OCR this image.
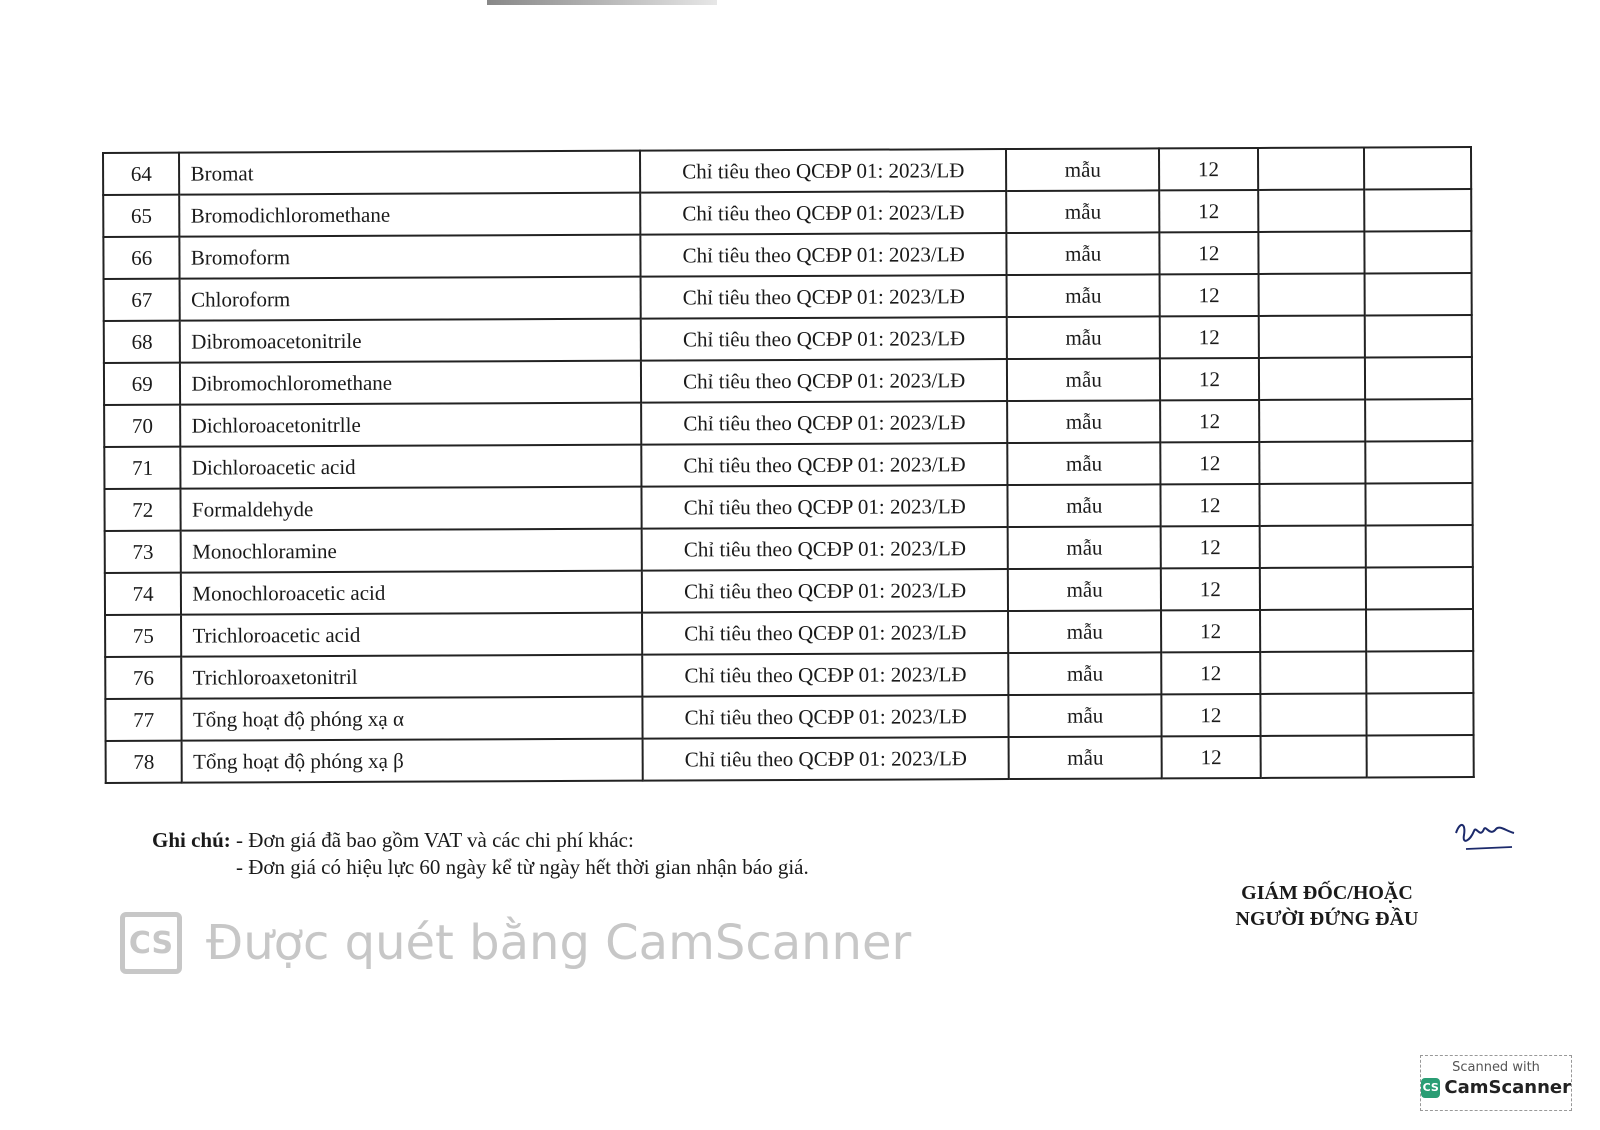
64	Bromat	Chỉ tiêu theo QCĐP 01: 2023/LĐ	mẫu	12		
65	Bromodichloromethane	Chỉ tiêu theo QCĐP 01: 2023/LĐ	mẫu	12		
66	Bromoform	Chỉ tiêu theo QCĐP 01: 2023/LĐ	mẫu	12		
67	Chloroform	Chỉ tiêu theo QCĐP 01: 2023/LĐ	mẫu	12		
68	Dibromoacetonitrile	Chỉ tiêu theo QCĐP 01: 2023/LĐ	mẫu	12		
69	Dibromochloromethane	Chỉ tiêu theo QCĐP 01: 2023/LĐ	mẫu	12		
70	Dichloroacetonitrlle	Chỉ tiêu theo QCĐP 01: 2023/LĐ	mẫu	12		
71	Dichloroacetic acid	Chỉ tiêu theo QCĐP 01: 2023/LĐ	mẫu	12		
72	Formaldehyde	Chỉ tiêu theo QCĐP 01: 2023/LĐ	mẫu	12		
73	Monochloramine	Chỉ tiêu theo QCĐP 01: 2023/LĐ	mẫu	12		
74	Monochloroacetic acid	Chỉ tiêu theo QCĐP 01: 2023/LĐ	mẫu	12		
75	Trichloroacetic acid	Chỉ tiêu theo QCĐP 01: 2023/LĐ	mẫu	12		
76	Trichloroaxetonitril	Chỉ tiêu theo QCĐP 01: 2023/LĐ	mẫu	12		
77	Tổng hoạt độ phóng xạ α	Chỉ tiêu theo QCĐP 01: 2023/LĐ	mẫu	12		
78	Tổng hoạt độ phóng xạ β	Chỉ tiêu theo QCĐP 01: 2023/LĐ	mẫu	12		
Ghi chú: - Đơn giá đã bao gồm VAT và các chi phí khác:
- Đơn giá có hiệu lực 60 ngày kể từ ngày hết thời gian nhận báo giá.
GIÁM ĐỐC/HOẶC
NGƯỜI ĐỨNG ĐẦU
CS Được quét bằng CamScanner
Scanned with
CS CamScanner
